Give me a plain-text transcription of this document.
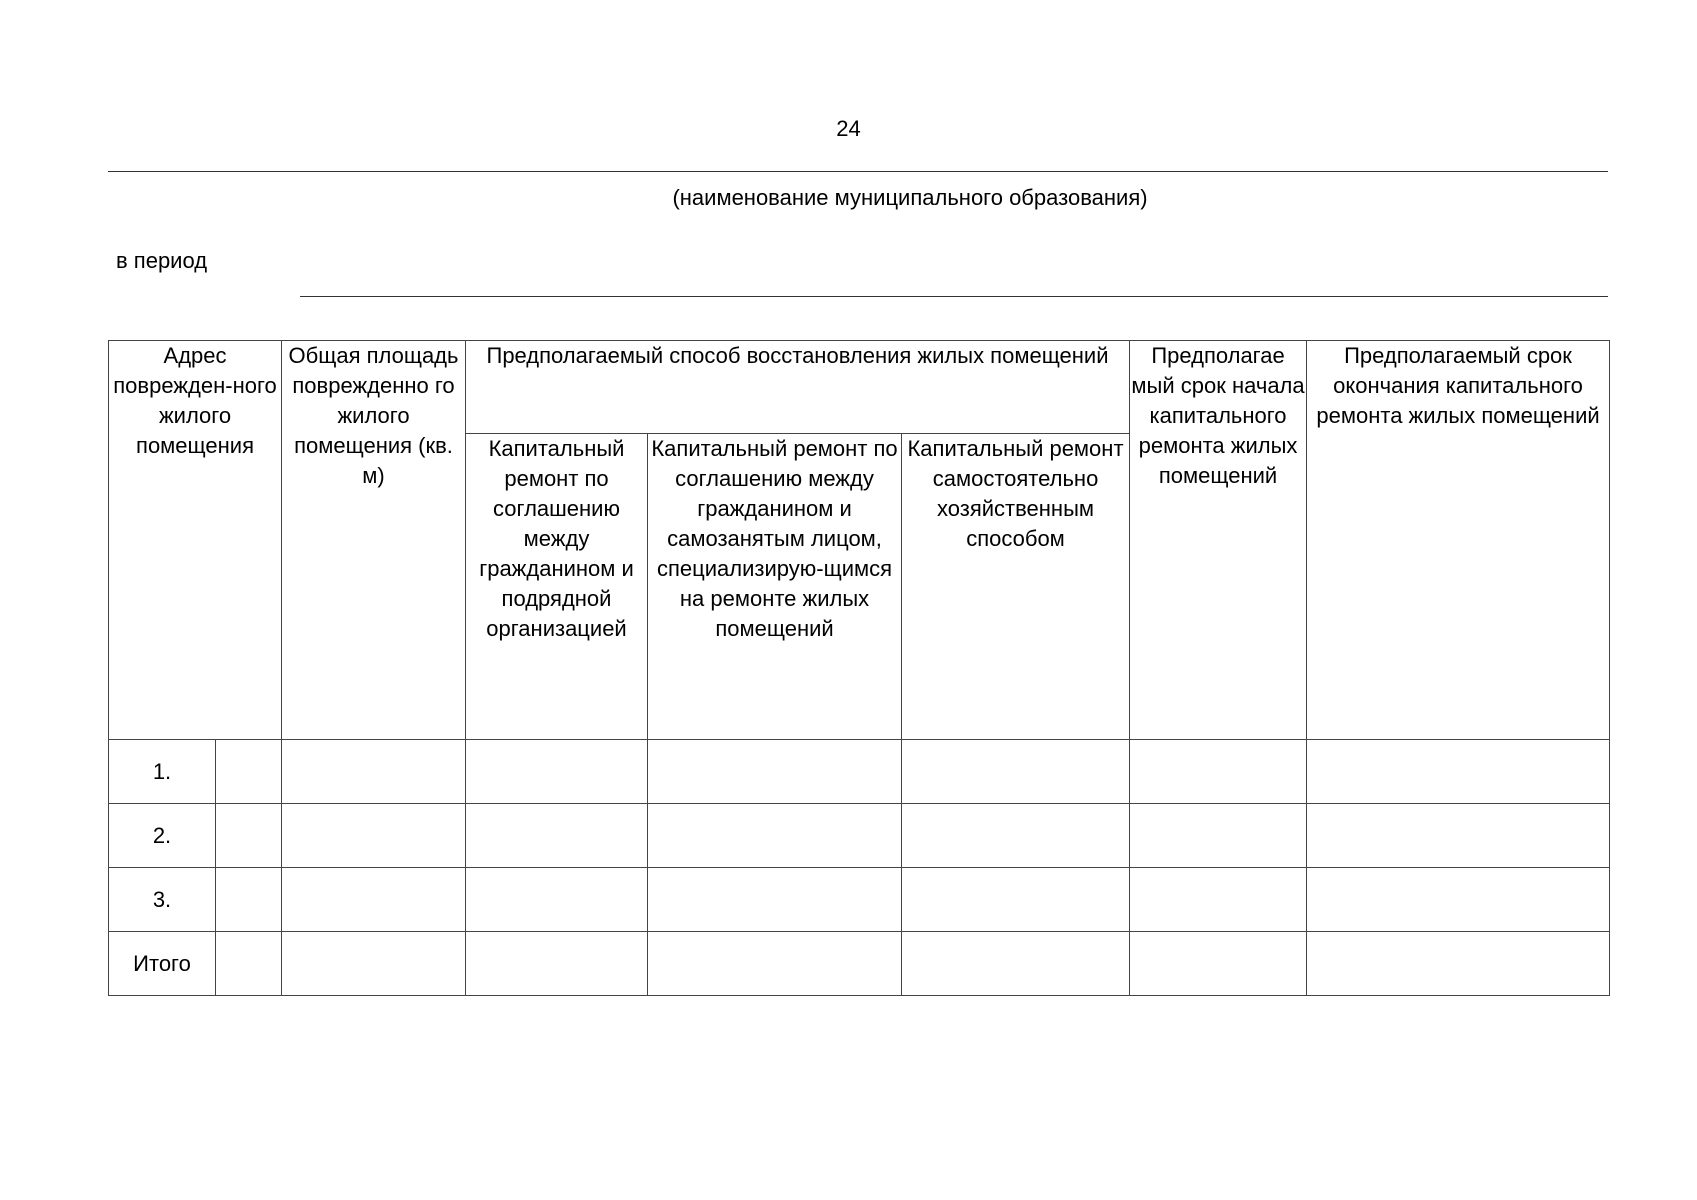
24
(наименование муниципального образования)
в период
Адрес поврежден-ного жилого помещения		Общая площадь поврежденно го жилого помещения (кв. м)	Предполагаемый способ восстановления жилых помещений			Предполагае мый срок начала капитального ремонта жилых помещений	Предполагаемый срок окончания капитального ремонта жилых помещений
			Капитальный ремонт по соглашению между гражданином и подрядной организацией	Капитальный ремонт по соглашению между гражданином и самозанятым лицом, специализирую-щимся на ремонте жилых помещений	Капитальный ремонт самостоятельно хозяйственным способом		
1.							
2.							
3.							
Итого							
